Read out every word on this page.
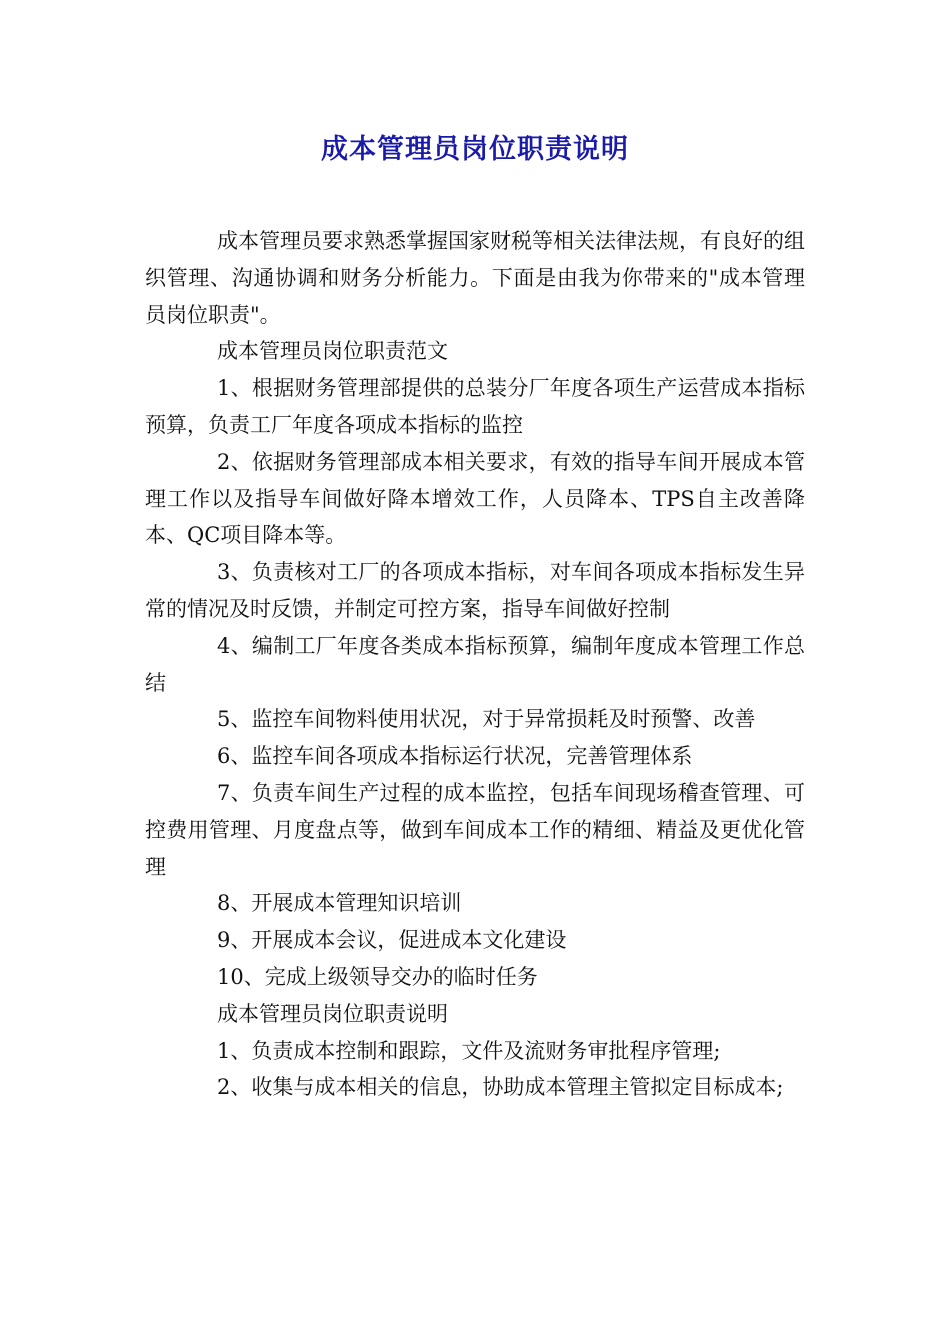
成本管理员岗位职责说明

成本管理员要求熟悉掌握国家财税等相关法律法规，有良好的组织管理、沟通协调和财务分析能力。下面是由我为你带来的"成本管理员岗位职责"。

成本管理员岗位职责范文

1、根据财务管理部提供的总装分厂年度各项生产运营成本指标预算，负责工厂年度各项成本指标的监控

2、依据财务管理部成本相关要求，有效的指导车间开展成本管理工作以及指导车间做好降本增效工作，人员降本、TPS自主改善降本、QC项目降本等。

3、负责核对工厂的各项成本指标，对车间各项成本指标发生异常的情况及时反馈，并制定可控方案，指导车间做好控制

4、编制工厂年度各类成本指标预算，编制年度成本管理工作总结

5、监控车间物料使用状况，对于异常损耗及时预警、改善

6、监控车间各项成本指标运行状况，完善管理体系

7、负责车间生产过程的成本监控，包括车间现场稽查管理、可控费用管理、月度盘点等，做到车间成本工作的精细、精益及更优化管理

8、开展成本管理知识培训

9、开展成本会议，促进成本文化建设

10、完成上级领导交办的临时任务

成本管理员岗位职责说明

1、负责成本控制和跟踪，文件及流财务审批程序管理;

2、收集与成本相关的信息，协助成本管理主管拟定目标成本;
